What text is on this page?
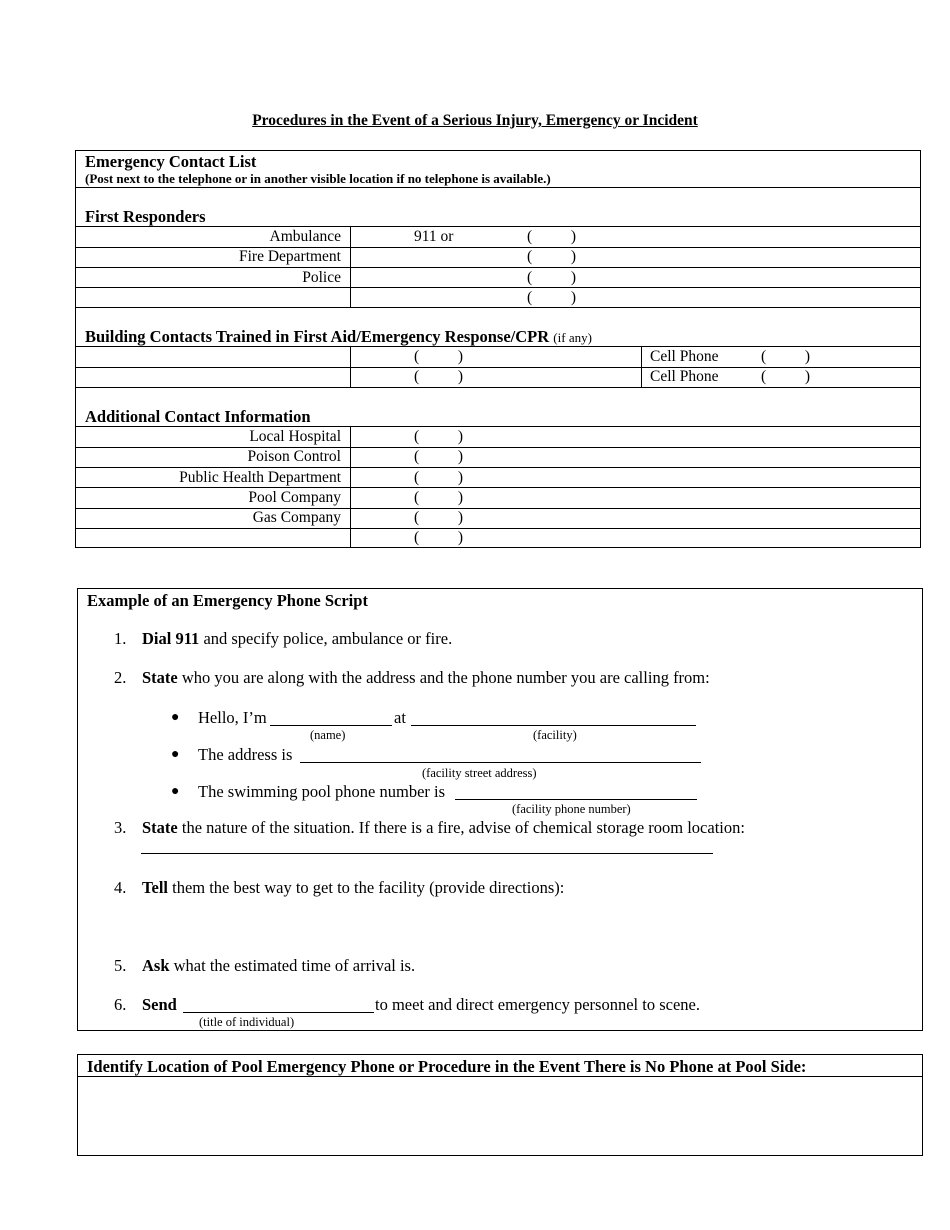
Procedures in the Event of a Serious Injury, Emergency or Incident
Emergency Contact List
(Post next to the telephone or in another visible location if no telephone is available.)
First Responders
Ambulance	911 or	(          )
Fire Department	(          )
Police	(          )
(          )
Building Contacts Trained in First Aid/Emergency Response/CPR (if any)
(          )	Cell Phone	(          )
(          )	Cell Phone	(          )
Additional Contact Information
Local Hospital	(          )
Poison Control	(          )
Public Health Department	(          )
Pool Company	(          )
Gas Company	(          )
(          )
Example of an Emergency Phone Script
1. Dial 911 and specify police, ambulance or fire.
2. State who you are along with the address and the phone number you are calling from:
● Hello, I’m	at
(name)	(facility)
● The address is
(facility street address)
● The swimming pool phone number is
(facility phone number)
3. State the nature of the situation. If there is a fire, advise of chemical storage room location:
4. Tell them the best way to get to the facility (provide directions):
5. Ask what the estimated time of arrival is.
6. Send	to meet and direct emergency personnel to scene.
(title of individual)
Identify Location of Pool Emergency Phone or Procedure in the Event There is No Phone at Pool Side:
